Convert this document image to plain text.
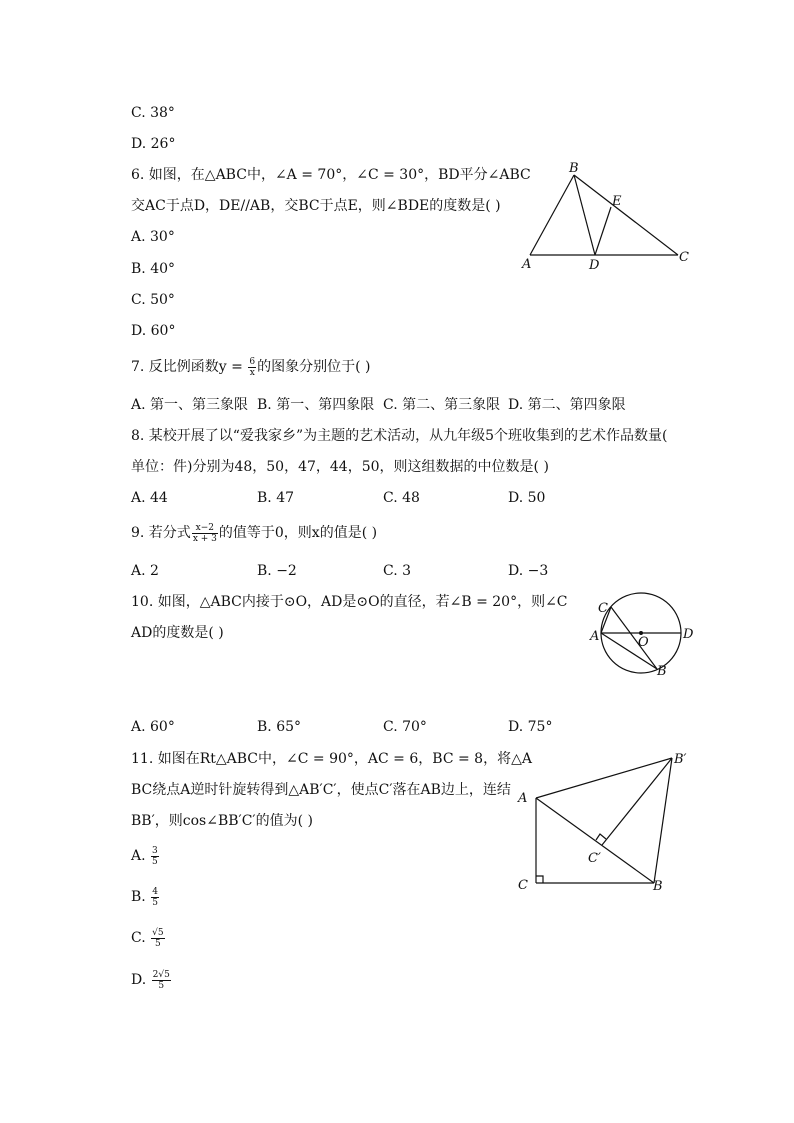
C. 38°
D. 26°
6. 如图，在△ABC中，∠A = 70°，∠C = 30°，BD平分∠ABC
交AC于点D，DE//AB，交BC于点E，则∠BDE的度数是( )
A. 30°
B. 40°
C. 50°
D. 60°
B
E
A	D
C
7. 反比例函数$y = \frac{6}{x}$ 的图象分别位于( )
A. 第一、第三象限 B. 第一、第四象限 C. 第二、第三象限 D. 第二、第四象限
8. 某校开展了以“爱我家乡”为主题的艺术活动，从九年级5个班收集到的艺术作品数量(
单位：件)分别为48，50，47，44，50，则这组数据的中位数是( )
A. 44	B. 47	C. 48	D. 50
9. 若分式 $\frac{x-2}{x + 3}$ 的值等于0，则x的值是( )
A. 2	B. −2	C. 3	D. −3
10. 如图，△ABC内接于⊙O，AD是⊙O的直径，若∠B = 20°，则∠C
AD的度数是( )
C
A	O
D
B
A. 60°	B. 65°	C. 70°	D. 75°
11. 如图在Rt△ABC中，∠C = 90°，AC = 6，BC = 8，将△A
BC绕点A逆时针旋转得到△AB′C′，使点C′落在AB边上，连结
BB′，则cos∠BB′C′的值为( )
A. $\frac{3}{5}$
B. $\frac{4}{5}$
C. $\frac{√5}{5}$
D. $\frac{2√5}{5}$
B′
A
C′
C	B
